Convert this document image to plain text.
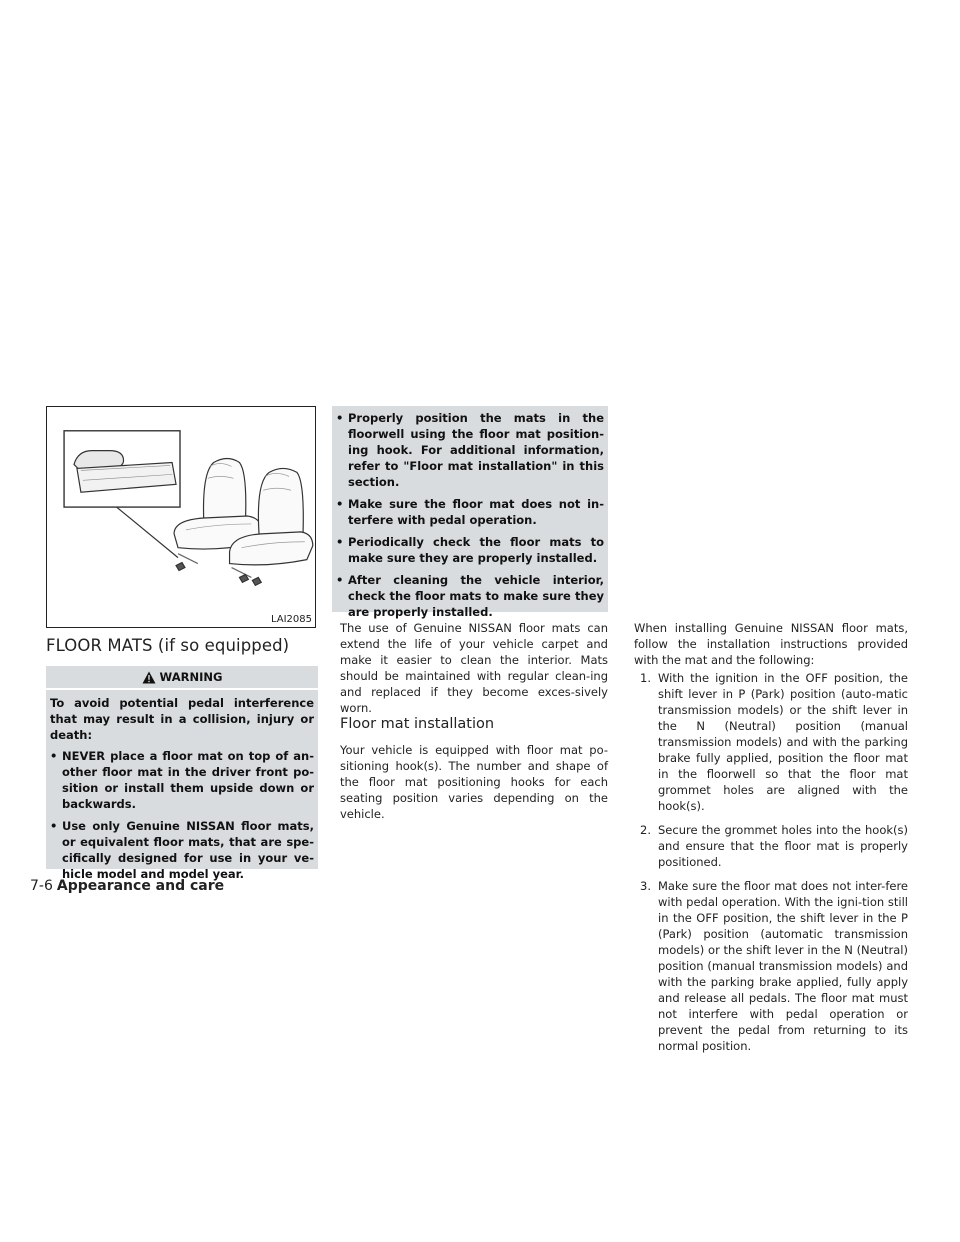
LAI2085
FLOOR MATS (if so equipped)
WARNING

To avoid potential pedal interference that may result in a collision, injury or death:

• NEVER place a floor mat on top of an-other floor mat in the driver front po-sition or install them upside down or backwards.
• Use only Genuine NISSAN floor mats, or equivalent floor mats, that are spe-cifically designed for use in your ve-hicle model and model year.
• Properly position the mats in the floorwell using the floor mat position-ing hook. For additional information, refer to "Floor mat installation" in this section.
• Make sure the floor mat does not in-terfere with pedal operation.
• Periodically check the floor mats to make sure they are properly installed.
• After cleaning the vehicle interior, check the floor mats to make sure they are properly installed.

The use of Genuine NISSAN floor mats can extend the life of your vehicle carpet and make it easier to clean the interior. Mats should be maintained with regular clean-ing and replaced if they become exces-sively worn.

Floor mat installation

Your vehicle is equipped with floor mat po-sitioning hook(s). The number and shape of the floor mat positioning hooks for each seating position varies depending on the vehicle.

When installing Genuine NISSAN floor mats, follow the installation instructions provided with the mat and the following:

1. With the ignition in the OFF position, the shift lever in P (Park) position (auto-matic transmission models) or the shift lever in the N (Neutral) position (manual transmission models) and with the parking brake fully applied, position the floor mat in the floorwell so that the floor mat grommet holes are aligned with the hook(s).
2. Secure the grommet holes into the hook(s) and ensure that the floor mat is properly positioned.
3. Make sure the floor mat does not inter-fere with pedal operation. With the igni-tion still in the OFF position, the shift lever in the P (Park) position (automatic transmission models) or the shift lever in the N (Neutral) position (manual transmission models) and with the parking brake applied, fully apply and release all pedals. The floor mat must not interfere with pedal operation or prevent the pedal from returning to its normal position.
7-6 Appearance and care
